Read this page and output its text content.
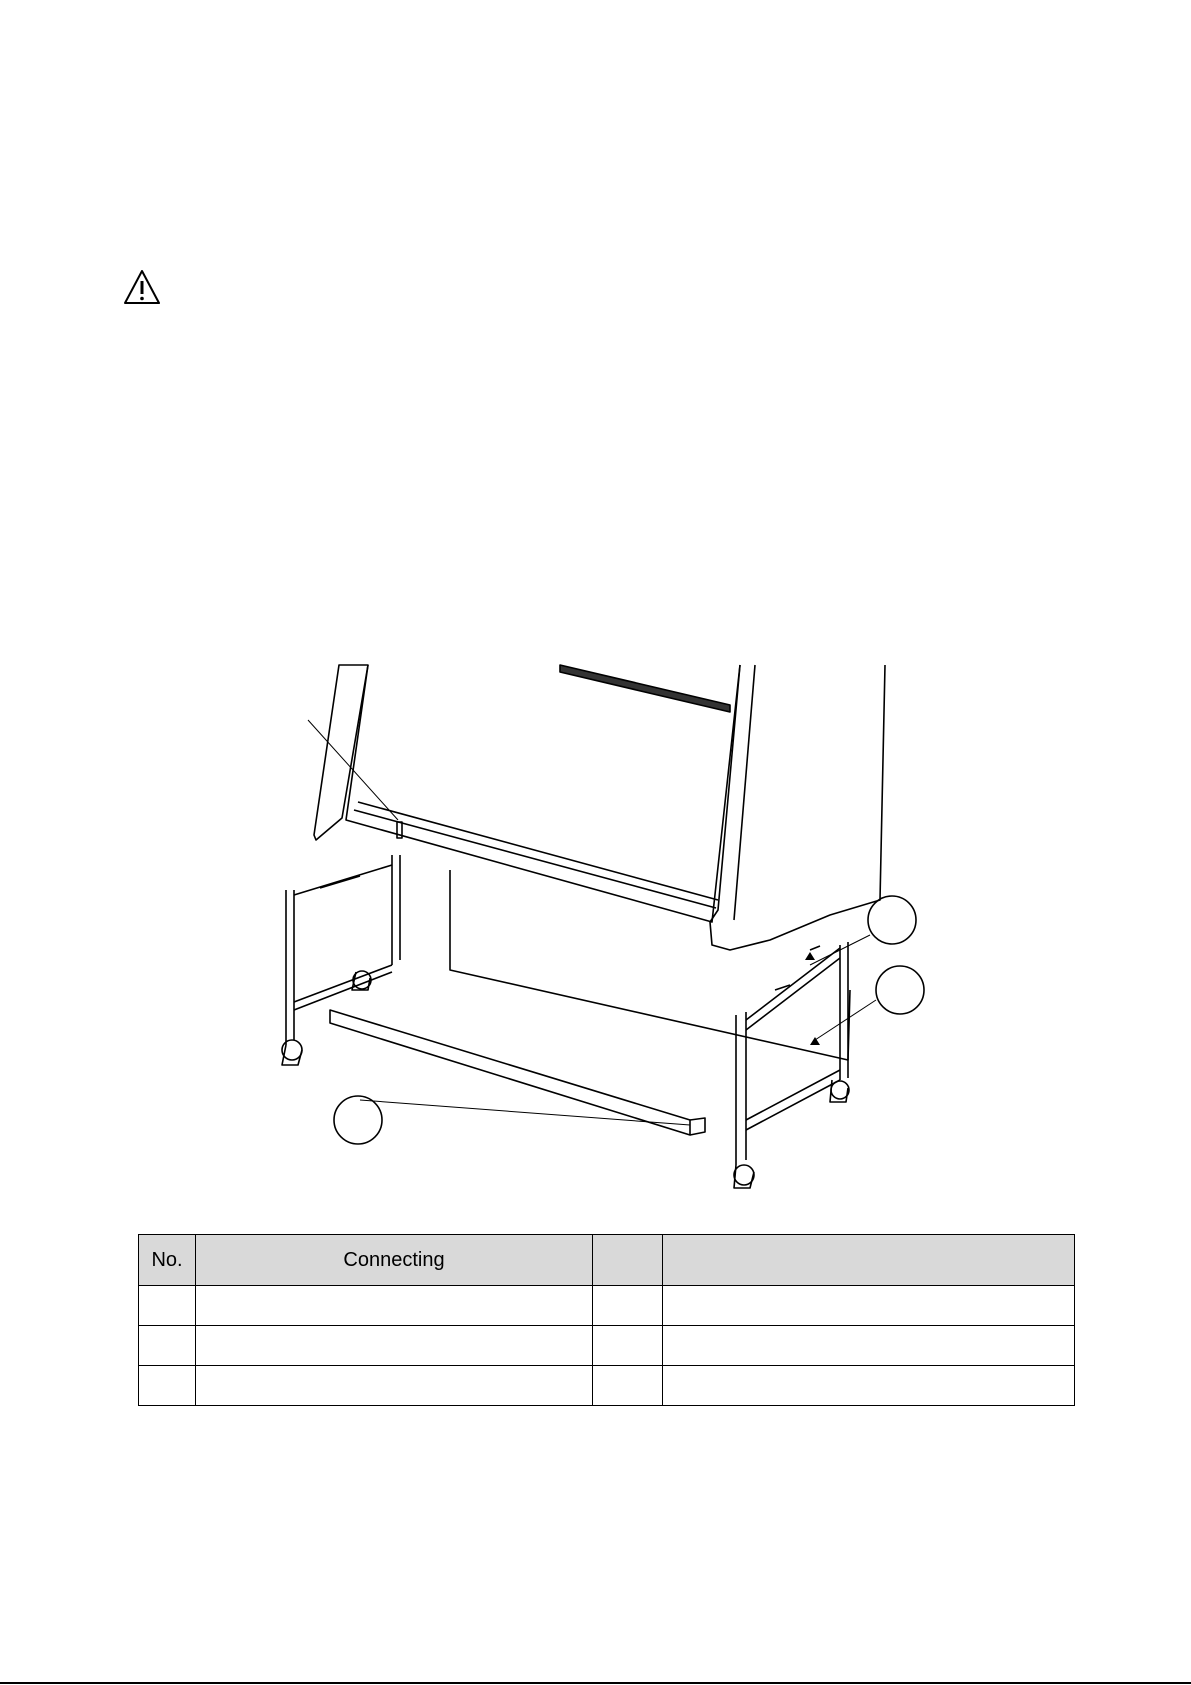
No.	Connecting		
